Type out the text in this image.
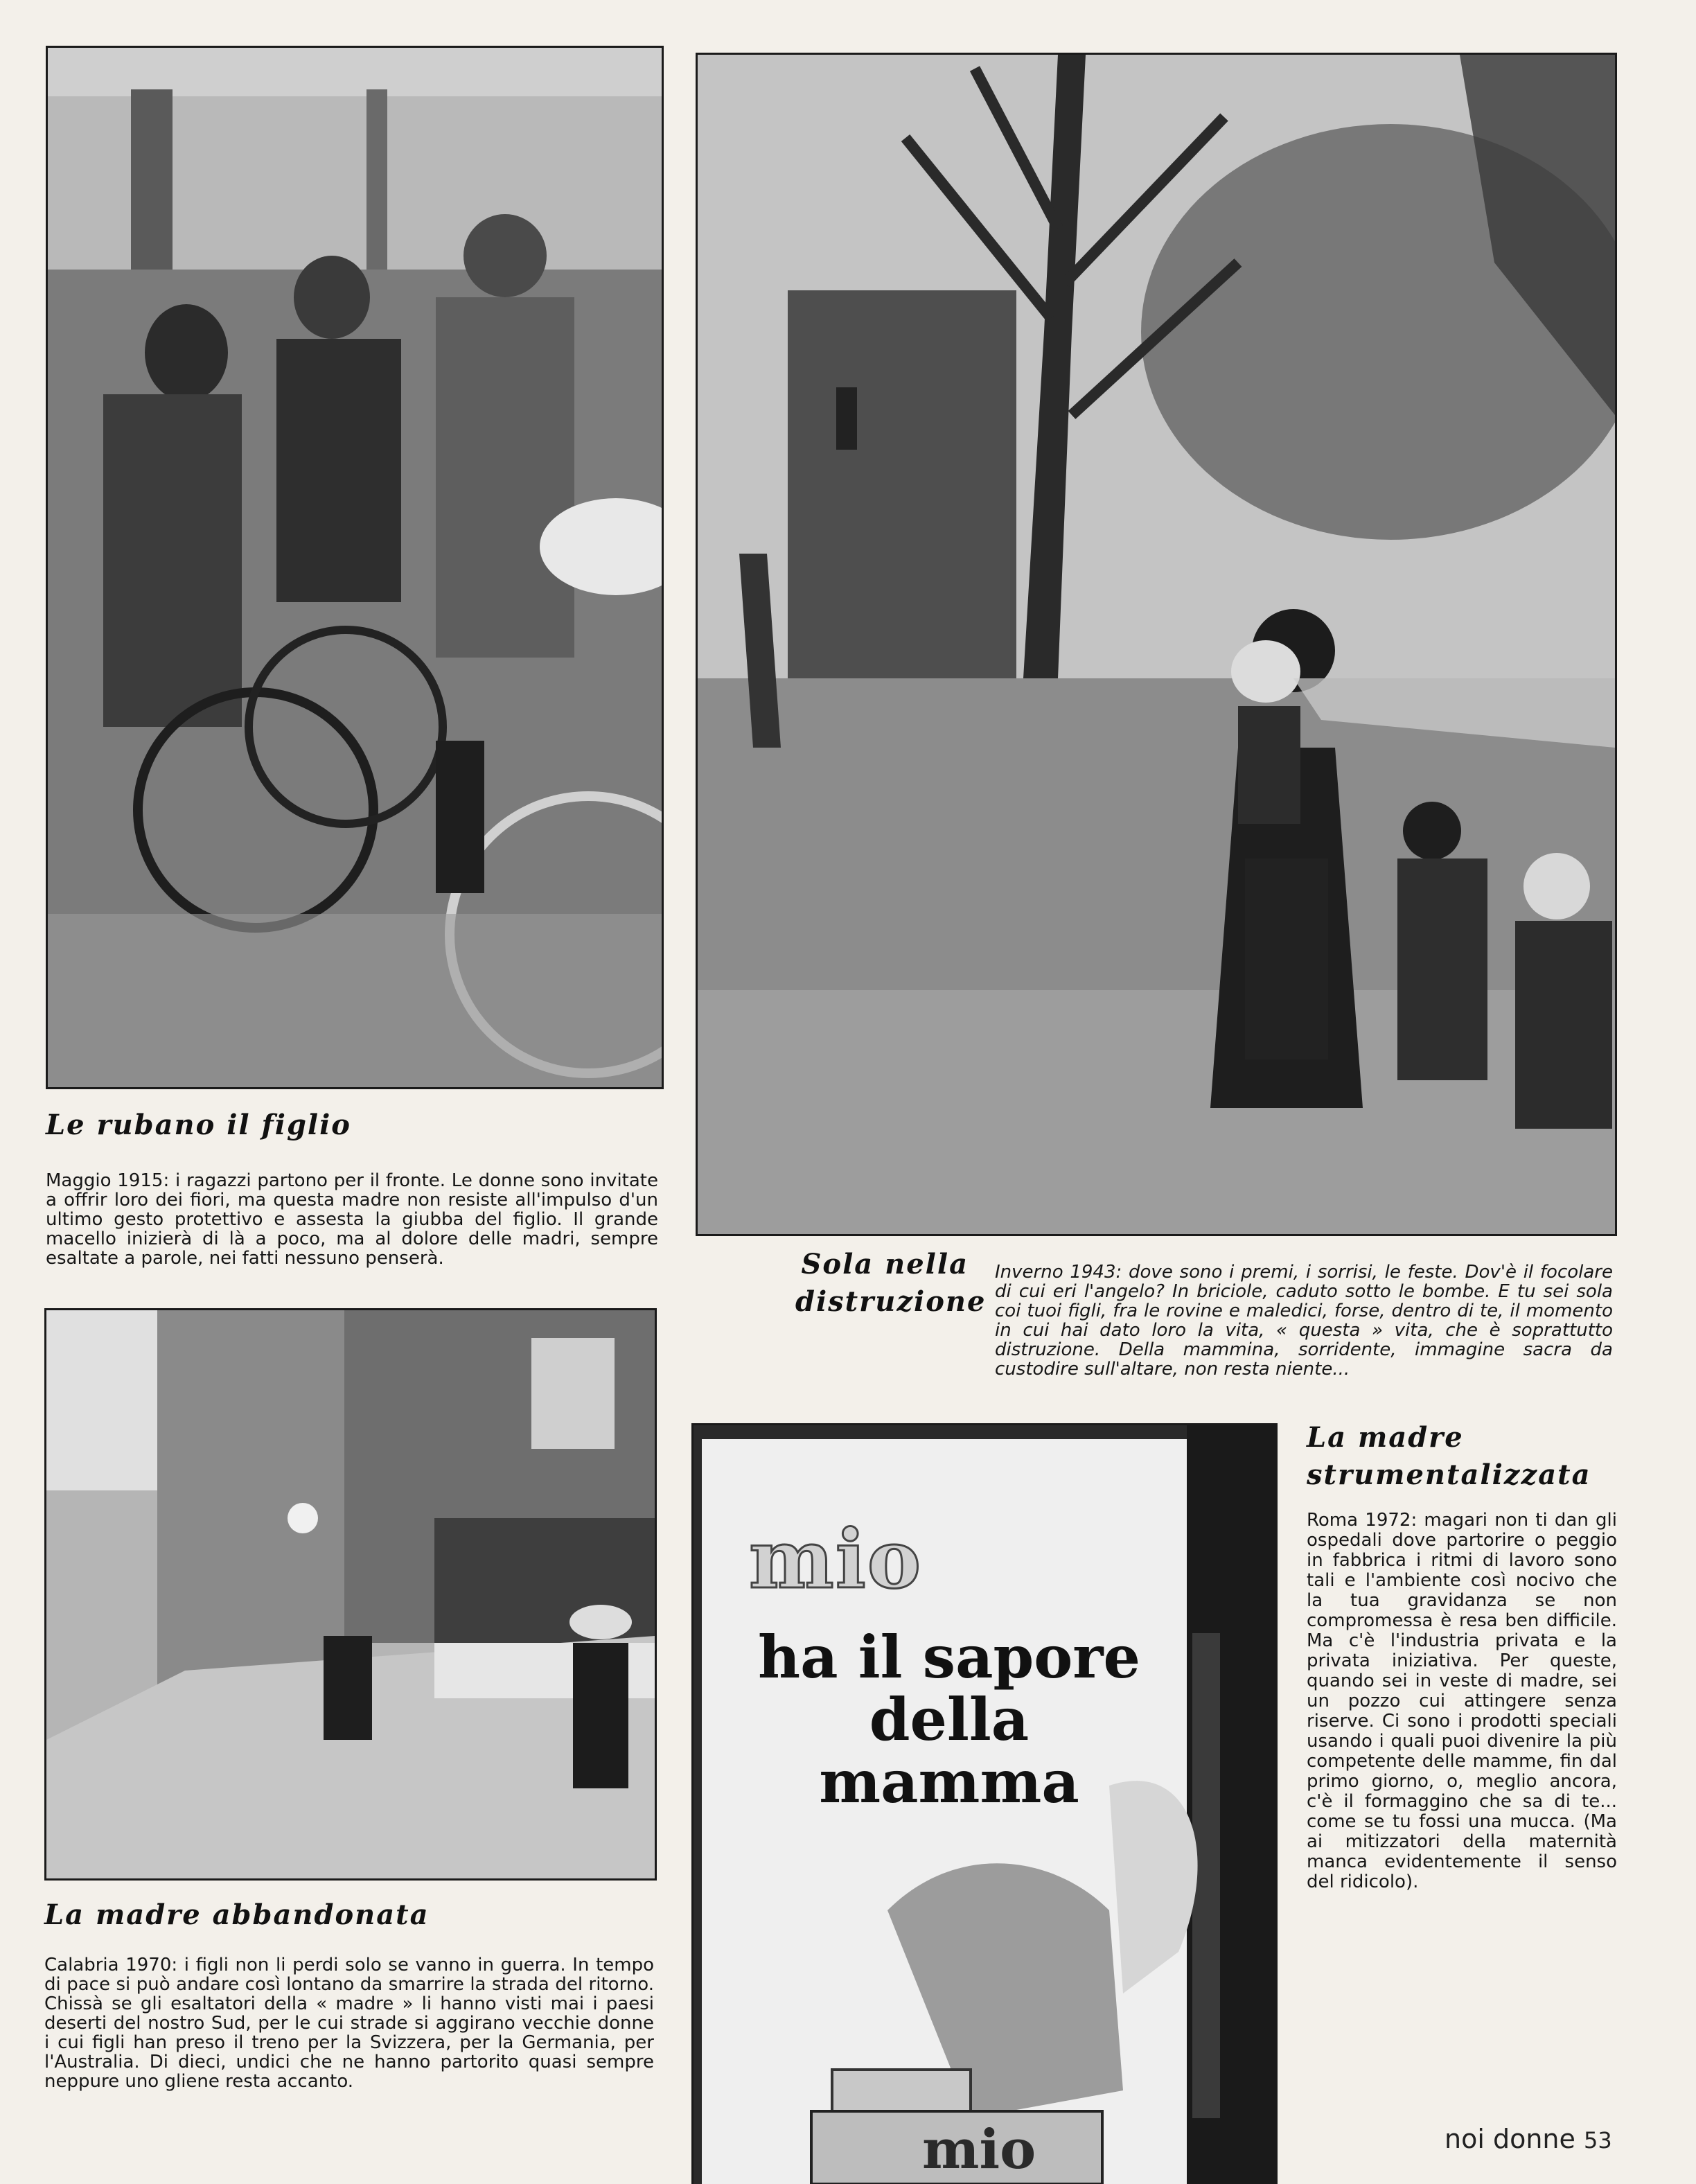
Le rubano il figlio

Maggio 1915: i ragazzi partono per il fronte. Le donne sono invitate a offrir loro dei fiori, ma questa madre non resiste all'impulso d'un ultimo gesto protettivo e assesta la giubba del figlio. Il grande macello inizierà di là a poco, ma al dolore delle madri, sempre esaltate a parole, nei fatti nessuno penserà.	Sola nella
distruzione

Inverno 1943: dove sono i premi, i sorrisi, le feste. Dov'è il focolare di cui eri l'angelo? In briciole, caduto sotto le bombe. E tu sei sola coi tuoi figli, fra le rovine e maledici, forse, dentro di te, il momento in cui hai dato loro la vita, « questa » vita, che è soprattutto distruzione. Della mammina, sorridente, immagine sacra da custodire sull'altare, non resta niente...

La madre abbandonata

Calabria 1970: i figli non li perdi solo se vanno in guerra. In tempo di pace si può andare così lontano da smarrire la strada del ritorno. Chissà se gli esaltatori della « madre » li hanno visti mai i paesi deserti del nostro Sud, per le cui strade si aggirano vecchie donne i cui figli han preso il treno per la Svizzera, per la Germania, per l'Australia. Di dieci, undici che ne hanno partorito quasi sempre neppure uno gliene resta accanto.

mio
ha il sapore
della
mamma
mio
La madre
strumentalizzata

Roma 1972: magari non ti dan gli ospedali dove partorire o peggio in fabbrica i ritmi di lavoro sono tali e l'ambiente così nocivo che la tua gravidanza se non compromessa è resa ben difficile. Ma c'è l'industria privata e la privata iniziativa. Per queste, quando sei in veste di madre, sei un pozzo cui attingere senza riserve. Ci sono i prodotti speciali usando i quali puoi divenire la più competente delle mamme, fin dal primo giorno, o, meglio ancora, c'è il formaggino che sa di te... come se tu fossi una mucca. (Ma ai mitizzatori della maternità manca evidentemente il senso del ridicolo).

noi donne 53
